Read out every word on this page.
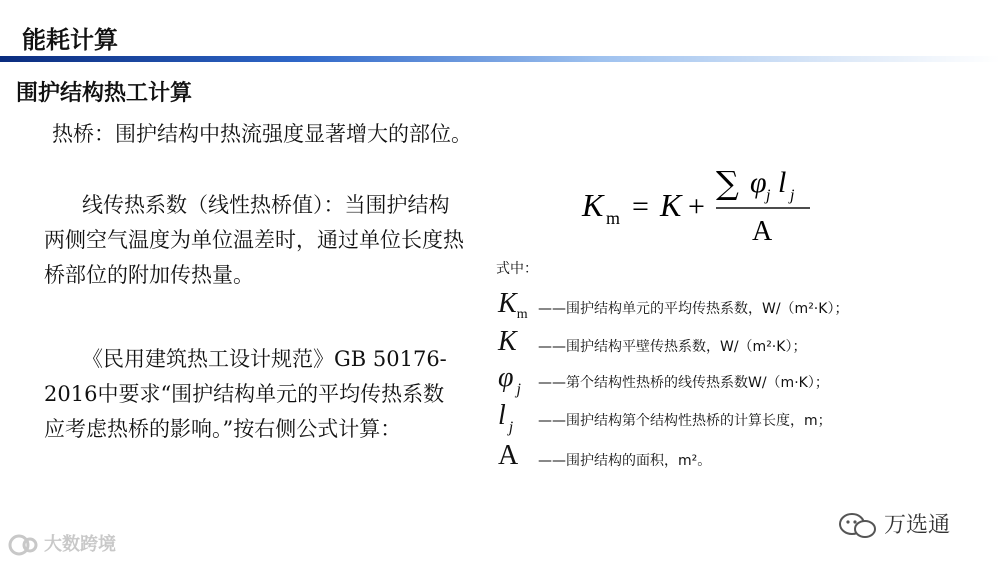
能耗计算
围护结构热工计算
热桥：围护结构中热流强度显著增大的部位。

线传热系数（线性热桥值）：当围护结构两侧空气温度为单位温差时，通过单位长度热桥部位的附加传热量。

《民用建筑热工设计规范》GB 50176-2016中要求“围护结构单元的平均传热系数应考虑热桥的影响。”按右侧公式计算：

K m = K +
∑ φ j l j
A
式中：
$K_m$ ——围护结构单元的平均传热系数，W/（m²·K）；
K ——围护结构平壁传热系数，W/（m²·K）；
φ $_j$ ——第个结构性热桥的线传热系数W/（m·K）；
l $_j$ ——围护结构第个结构性热桥的计算长度，m；
A ——围护结构的面积，m²。
万选通
大数跨境
